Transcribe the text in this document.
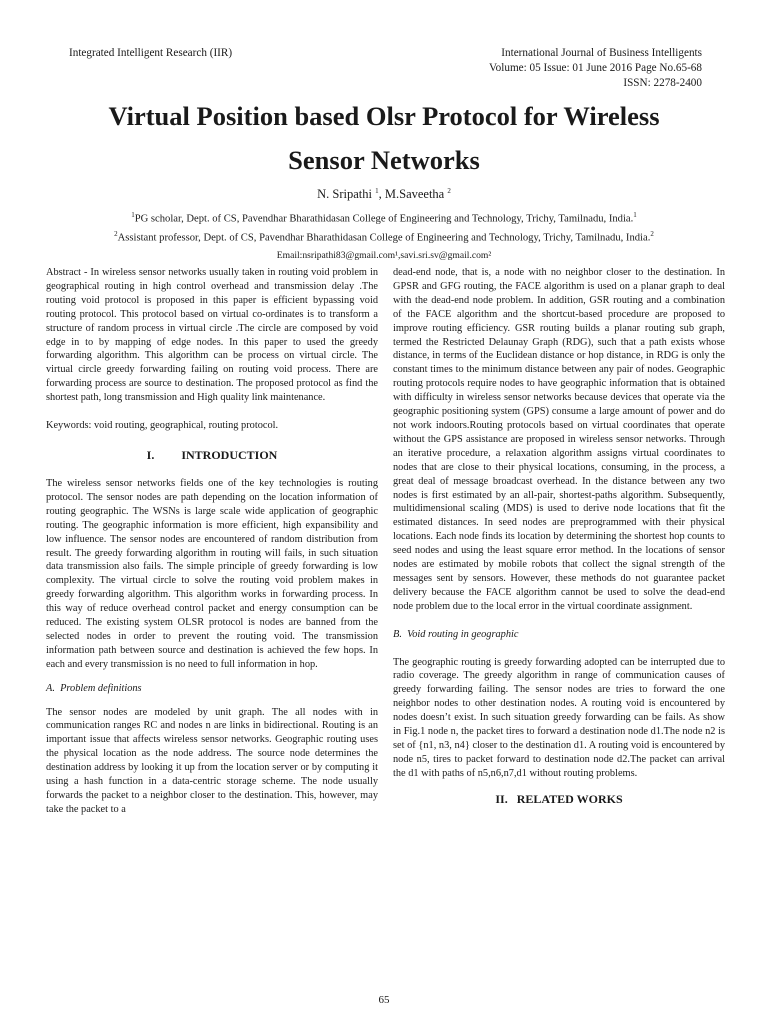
Integrated Intelligent Research (IIR)	International Journal of Business Intelligents
Volume: 05 Issue: 01 June 2016 Page No.65-68
ISSN: 2278-2400
Virtual Position based Olsr Protocol for Wireless
Sensor Networks
N. Sripathi $^1$, M.Saveetha $^2$
$^1$PG scholar, Dept. of CS, Pavendhar Bharathidasan College of Engineering and Technology, Trichy, Tamilnadu, India.$^1$
$^2$Assistant professor, Dept. of CS, Pavendhar Bharathidasan College of Engineering and Technology, Trichy, Tamilnadu, India.$^2$
Email:nsripathi83@gmail.com¹,savi.sri.sv@gmail.com²

Abstract - In wireless sensor networks usually taken in routing void problem in geographical routing in high control overhead and transmission delay .The routing void protocol is proposed in this paper is efficient bypassing void routing protocol. This protocol based on virtual co-ordinates is to transform a structure of random process in virtual circle .The circle are composed by void edge in to by mapping of edge nodes. In this paper to used the greedy forwarding algorithm. This algorithm can be process on virtual circle. The virtual circle greedy forwarding failing on routing void process. There are forwarding process are source to destination. The proposed protocol as find the shortest path, long transmission and High quality link maintenance.

Keywords: void routing, geographical, routing protocol.

I.         INTRODUCTION

The wireless sensor networks fields one of the key technologies is routing protocol. The sensor nodes are path depending on the location information of routing geographic. The WSNs is large scale wide application of geographic routing. The geographic information is more efficient, high expansibility and low influence. The sensor nodes are encountered of random distribution from result. The greedy forwarding algorithm in routing will fails, in such situation data transmission also fails. The simple principle of greedy forwarding is low complexity. The virtual circle to solve the routing void problem makes in greedy forwarding algorithm. This algorithm works in forwarding process. In this way of reduce overhead control packet and energy consumption can be reduced. The existing system OLSR protocol is nodes are banned from the selected nodes in order to prevent the routing void. The transmission information path between source and destination is achieved the few hops. In each and every transmission is no need to full information in hop.

A.  Problem definitions

The sensor nodes are modeled by unit graph. The all nodes with in communication ranges RC and nodes n are links in bidirectional. Routing is an important issue that affects wireless sensor networks. Geographic routing uses the physical location as the node address. The source node determines the destination address by looking it up from the location server or by computing it using a hash function in a data-centric storage scheme. The node usually forwards the packet to a neighbor closer to the destination. This, however, may take the packet to a

dead-end node, that is, a node with no neighbor closer to the destination. In GPSR and GFG routing, the FACE algorithm is used on a planar graph to deal with the dead-end node problem. In addition, GSR routing and a combination of the FACE algorithm and the shortcut-based procedure are proposed to improve routing efficiency. GSR routing builds a planar routing sub graph, termed the Restricted Delaunay Graph (RDG), such that a path exists whose distance, in terms of the Euclidean distance or hop distance, in RDG is only the constant times to the minimum distance between any pair of nodes. Geographic routing protocols require nodes to have geographic information that is obtained with difficulty in wireless sensor networks because devices that operate via the geographic positioning system (GPS) consume a large amount of power and do not work indoors.Routing protocols based on virtual coordinates that operate without the GPS assistance are proposed in wireless sensor networks. Through an iterative procedure, a relaxation algorithm assigns virtual coordinates to nodes that are close to their physical locations, consuming, in the process, a great deal of message broadcast overhead. In the distance between any two nodes is first estimated by an all-pair, shortest-paths algorithm. Subsequently, multidimensional scaling (MDS) is used to derive node locations that fit the estimated distances. In seed nodes are preprogrammed with their physical locations. Each node finds its location by determining the shortest hop counts to seed nodes and using the least square error method. In the locations of sensor nodes are estimated by mobile robots that collect the signal strength of the messages sent by sensors. However, these methods do not guarantee packet delivery because the FACE algorithm cannot be used to solve the dead-end node problem due to the local error in the virtual coordinate assignment.

B.  Void routing in geographic

The geographic routing is greedy forwarding adopted can be interrupted due to radio coverage. The greedy algorithm in range of communication causes of greedy forwarding failing. The sensor nodes are tries to forward the one neighbor nodes to other destination nodes. A routing void is encountered by nodes doesn’t exist. In such situation greedy forwarding can be fails. As show in Fig.1 node n, the packet tires to forward a destination node d1.The node n2 is set of {n1, n3, n4} closer to the destination d1. A routing void is encountered by node n5, tires to packet forward to destination node d2.The packet can arrival the d1 with paths of n5,n6,n7,d1 without routing problems.

II.   RELATED WORKS

65
